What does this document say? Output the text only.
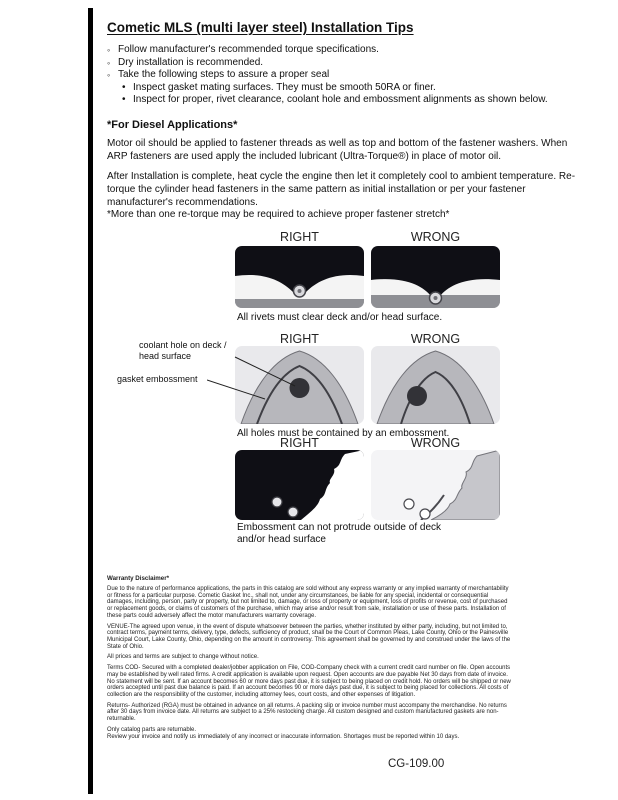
Cometic MLS (multi layer steel) Installation Tips
◦ Follow manufacturer's recommended torque specifications.
◦ Dry installation is recommended.
◦ Take the following steps to assure a proper seal
• Inspect gasket mating surfaces. They must be smooth 50RA or finer.
• Inspect for proper, rivet clearance, coolant hole and embossment alignments as shown below.
*For Diesel Applications*
Motor oil should be applied to fastener threads as well as top and bottom of the fastener washers. When ARP fasteners are used apply the included lubricant (Ultra-Torque®) in place of motor oil.
After Installation is complete, heat cycle the engine then let it completely cool to ambient temperature. Re-torque the cylinder head fasteners in the same pattern as initial installation or per your fastener manufacturer's recommendations.
*More than one re-torque may be required to achieve proper fastener stretch*
RIGHT	WRONG
All rivets must clear deck and/or head surface.
RIGHT	WRONG
coolant hole on deck / head surface
gasket embossment
All holes must be contained by an embossment.
RIGHT	WRONG
Embossment can not protrude outside of deck and/or head surface
Warranty Disclaimer*

Due to the nature of performance applications, the parts in this catalog are sold without any express warranty or any implied warranty of merchantability or fitness for a particular purpose. Cometic Gasket Inc., shall not, under any circumstances, be liable for any special, incidental or consequential damages, including, person, party or property, but not limited to, damage, or loss of property or equipment, loss of profits or revenue, cost of purchased or replacement goods, or claims of customers of the purchase, which may arise and/or result from sale, installation or use of these parts. Installation of these parts could adversely affect the motor manufacturers warranty coverage.

VENUE-The agreed upon venue, in the event of dispute whatsoever between the parties, whether instituted by either party, including, but not limited to, contract terms, payment terms, delivery, type, defects, sufficiency of product, shall be the Court of Common Pleas, Lake County, Ohio or the Painesville Municipal Court, Lake County, Ohio, depending on the amount in controversy. This agreement shall be governed by and construed under the laws of the State of Ohio.

All prices and terms are subject to change without notice.

Terms COD- Secured with a completed dealer/jobber application on File, COD-Company check with a current credit card number on file. Open accounts may be established by well rated firms. A credit application is available upon request. Open accounts are due payable Net 30 days from date of invoice. No statement will be sent. If an account becomes 60 or more days past due, it is subject to being placed on credit hold. No orders will be shipped or new orders accepted until past due balance is paid. If an account becomes 90 or more days past due, it is subject to being placed for collections. All costs of collection are the responsibility of the customer, including attorney fees, court costs, and other expenses of litigation.

Returns- Authorized (RGA) must be obtained in advance on all returns. A packing slip or invoice number must accompany the merchandise. No returns after 30 days from invoice date. All returns are subject to a 25% restocking charge. All custom designed and custom manufactured gaskets are non-returnable.

Only catalog parts are returnable.

Review your invoice and notify us immediately of any incorrect or inaccurate information. Shortages must be reported within 10 days.

CG-109.00
